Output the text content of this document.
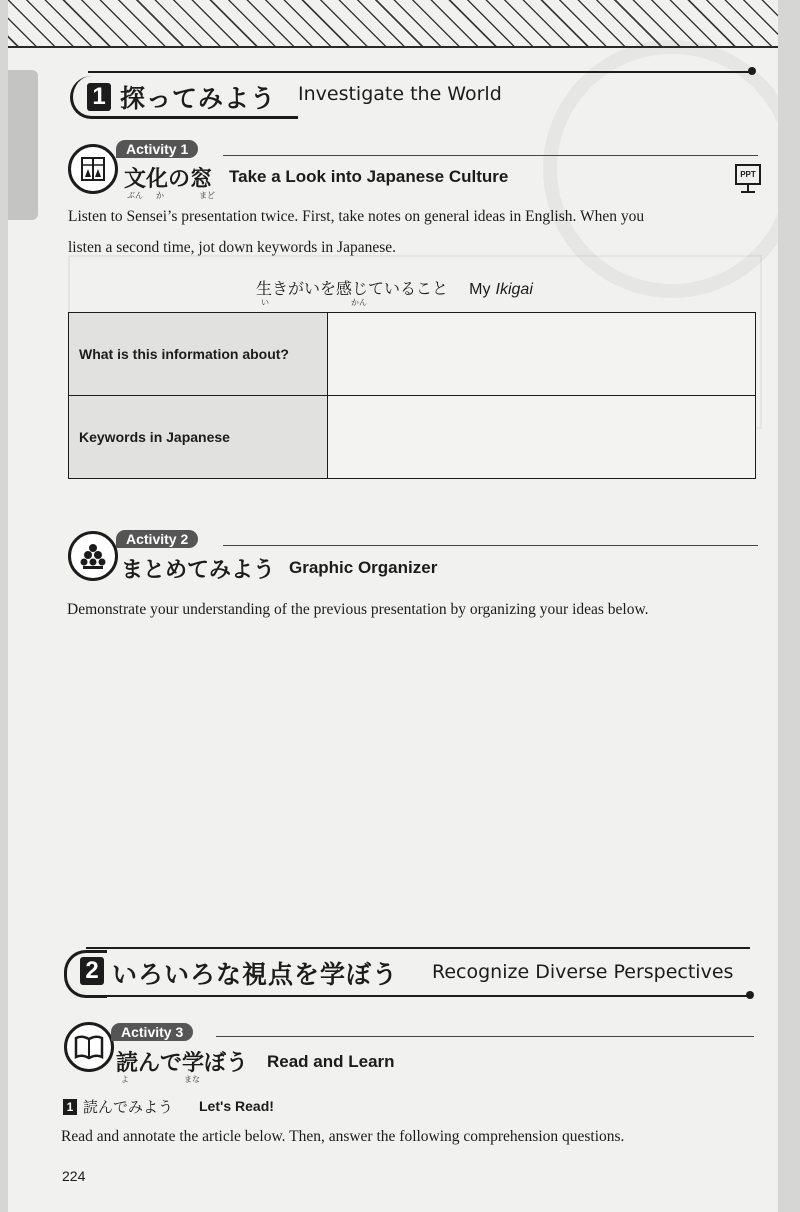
1 探ってみよう Investigate the World
Activity 1
文化の窓
ぶん か	まど
Take a Look into Japanese Culture	PPT
Listen to Sensei’s presentation twice. First, take notes on general ideas in English. When you
listen a second time, jot down keywords in Japanese.
生きがいを感じていること My Ikigai
い	かん
What is this information about?	
Keywords in Japanese	
Activity 2
まとめてみよう Graphic Organizer
Demonstrate your understanding of the previous presentation by organizing your ideas below.
2 いろいろな視点を学ぼう Recognize Diverse Perspectives
Activity 3
読んで学ぼう
よ	まな
Read and Learn
1 読んでみよう Let's Read!
Read and annotate the article below. Then, answer the following comprehension questions.
224
